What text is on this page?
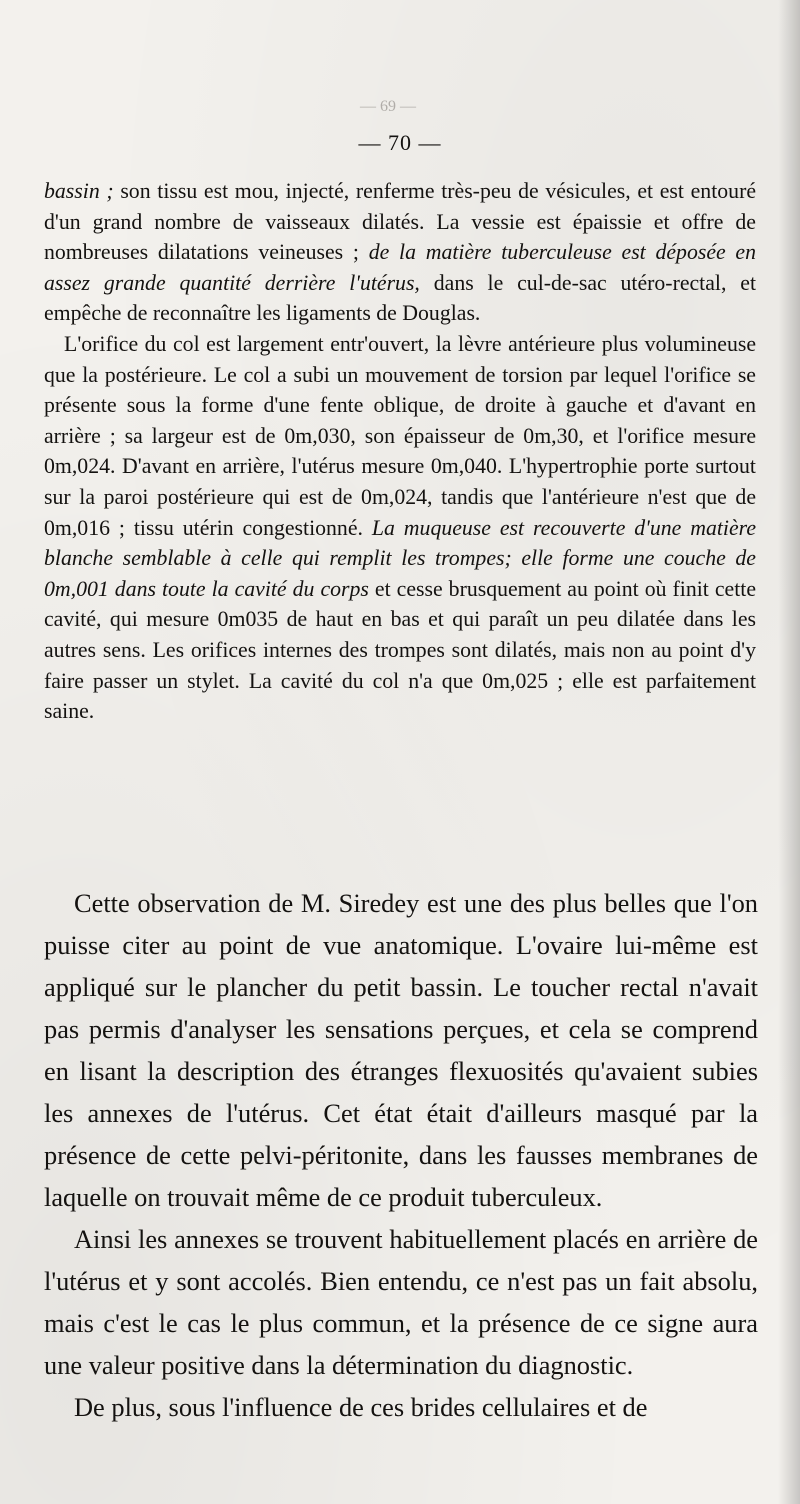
— 69 —
— 70 —

bassin ; son tissu est mou, injecté, renferme très-peu de vésicules, et est entouré d'un grand nombre de vaisseaux dilatés. La vessie est épaissie et offre de nombreuses dilatations veineuses ; de la matière tuberculeuse est déposée en assez grande quantité derrière l'utérus, dans le cul-de-sac utéro-rectal, et empêche de reconnaître les ligaments de Douglas.

L'orifice du col est largement entr'ouvert, la lèvre antérieure plus volumineuse que la postérieure. Le col a subi un mouvement de torsion par lequel l'orifice se présente sous la forme d'une fente oblique, de droite à gauche et d'avant en arrière ; sa largeur est de 0m,030, son épaisseur de 0m,30, et l'orifice mesure 0m,024. D'avant en arrière, l'utérus mesure 0m,040. L'hypertrophie porte surtout sur la paroi postérieure qui est de 0m,024, tandis que l'antérieure n'est que de 0m,016 ; tissu utérin congestionné. La muqueuse est recouverte d'une matière blanche semblable à celle qui remplit les trompes; elle forme une couche de 0m,001 dans toute la cavité du corps et cesse brusquement au point où finit cette cavité, qui mesure 0m035 de haut en bas et qui paraît un peu dilatée dans les autres sens. Les orifices internes des trompes sont dilatés, mais non au point d'y faire passer un stylet. La cavité du col n'a que 0m,025 ; elle est parfaitement saine.

Cette observation de M. Siredey est une des plus belles que l'on puisse citer au point de vue anatomique. L'ovaire lui-même est appliqué sur le plancher du petit bassin. Le toucher rectal n'avait pas permis d'analyser les sensations perçues, et cela se comprend en lisant la description des étranges flexuosités qu'avaient subies les annexes de l'utérus. Cet état était d'ailleurs masqué par la présence de cette pelvi-péritonite, dans les fausses membranes de laquelle on trouvait même de ce produit tuberculeux.

Ainsi les annexes se trouvent habituellement placés en arrière de l'utérus et y sont accolés. Bien entendu, ce n'est pas un fait absolu, mais c'est le cas le plus commun, et la présence de ce signe aura une valeur positive dans la détermination du diagnostic.

De plus, sous l'influence de ces brides cellulaires et de
